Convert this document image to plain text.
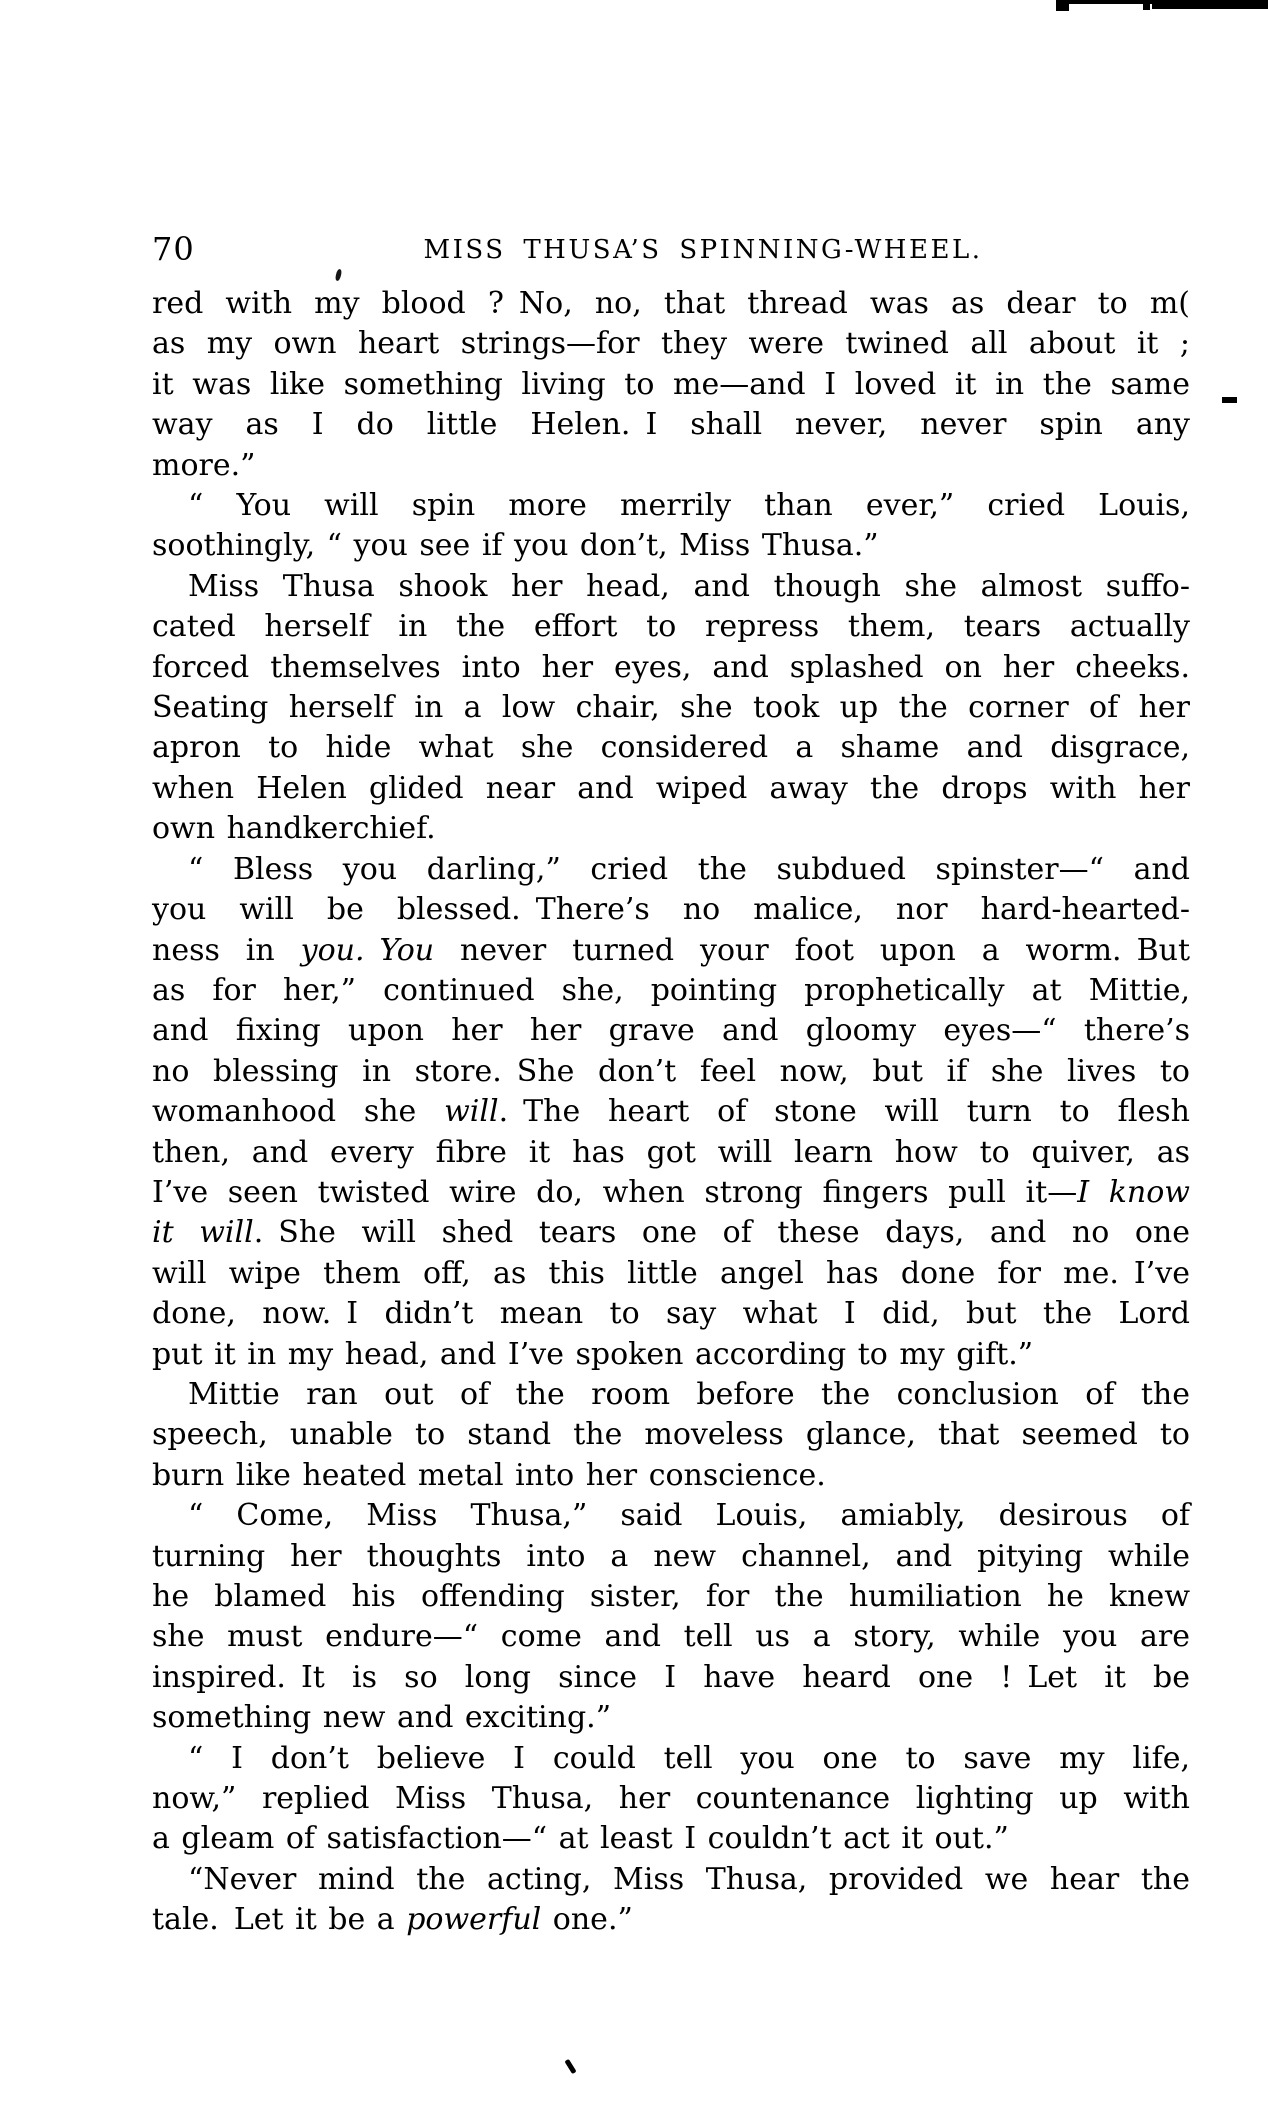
70	MISS THUSA’S SPINNING-WHEEL.
red with my blood ? No, no, that thread was as dear to m(
as my own heart strings—for they were twined all about it ;
it was like something living to me—and I loved it in the same
way as I do little Helen. I shall never, never spin any
more.”
“ You will spin more merrily than ever,” cried Louis,
soothingly, “ you see if you don’t, Miss Thusa.”
Miss Thusa shook her head, and though she almost suffo-
cated herself in the effort to repress them, tears actually
forced themselves into her eyes, and splashed on her cheeks.
Seating herself in a low chair, she took up the corner of her
apron to hide what she considered a shame and disgrace,
when Helen glided near and wiped away the drops with her
own handkerchief.
“ Bless you darling,” cried the subdued spinster—“ and
you will be blessed. There’s no malice, nor hard-hearted-
ness in you.  You never turned your foot upon a worm. But
as for her,” continued she, pointing prophetically at Mittie,
and fixing upon her her grave and gloomy eyes—“ there’s
no blessing in store. She don’t feel now, but if she lives to
womanhood she will. The heart of stone will turn to flesh
then, and every fibre it has got will learn how to quiver, as
I’ve seen twisted wire do, when strong fingers pull it—I know
it will. She will shed tears one of these days, and no one
will wipe them off, as this little angel has done for me. I’ve
done, now. I didn’t mean to say what I did, but the Lord
put it in my head, and I’ve spoken according to my gift.”
Mittie ran out of the room before the conclusion of the
speech, unable to stand the moveless glance, that seemed to
burn like heated metal into her conscience.
“ Come, Miss Thusa,” said Louis, amiably, desirous of
turning her thoughts into a new channel, and pitying while
he blamed his offending sister, for the humiliation he knew
she must endure—“ come and tell us a story, while you are
inspired. It is so long since I have heard one ! Let it be
something new and exciting.”
“ I don’t believe I could tell you one to save my life,
now,” replied Miss Thusa, her countenance lighting up with
a gleam of satisfaction—“ at least I couldn’t act it out.”
“Never mind the acting, Miss Thusa, provided we hear the
tale. Let it be a powerful one.”
